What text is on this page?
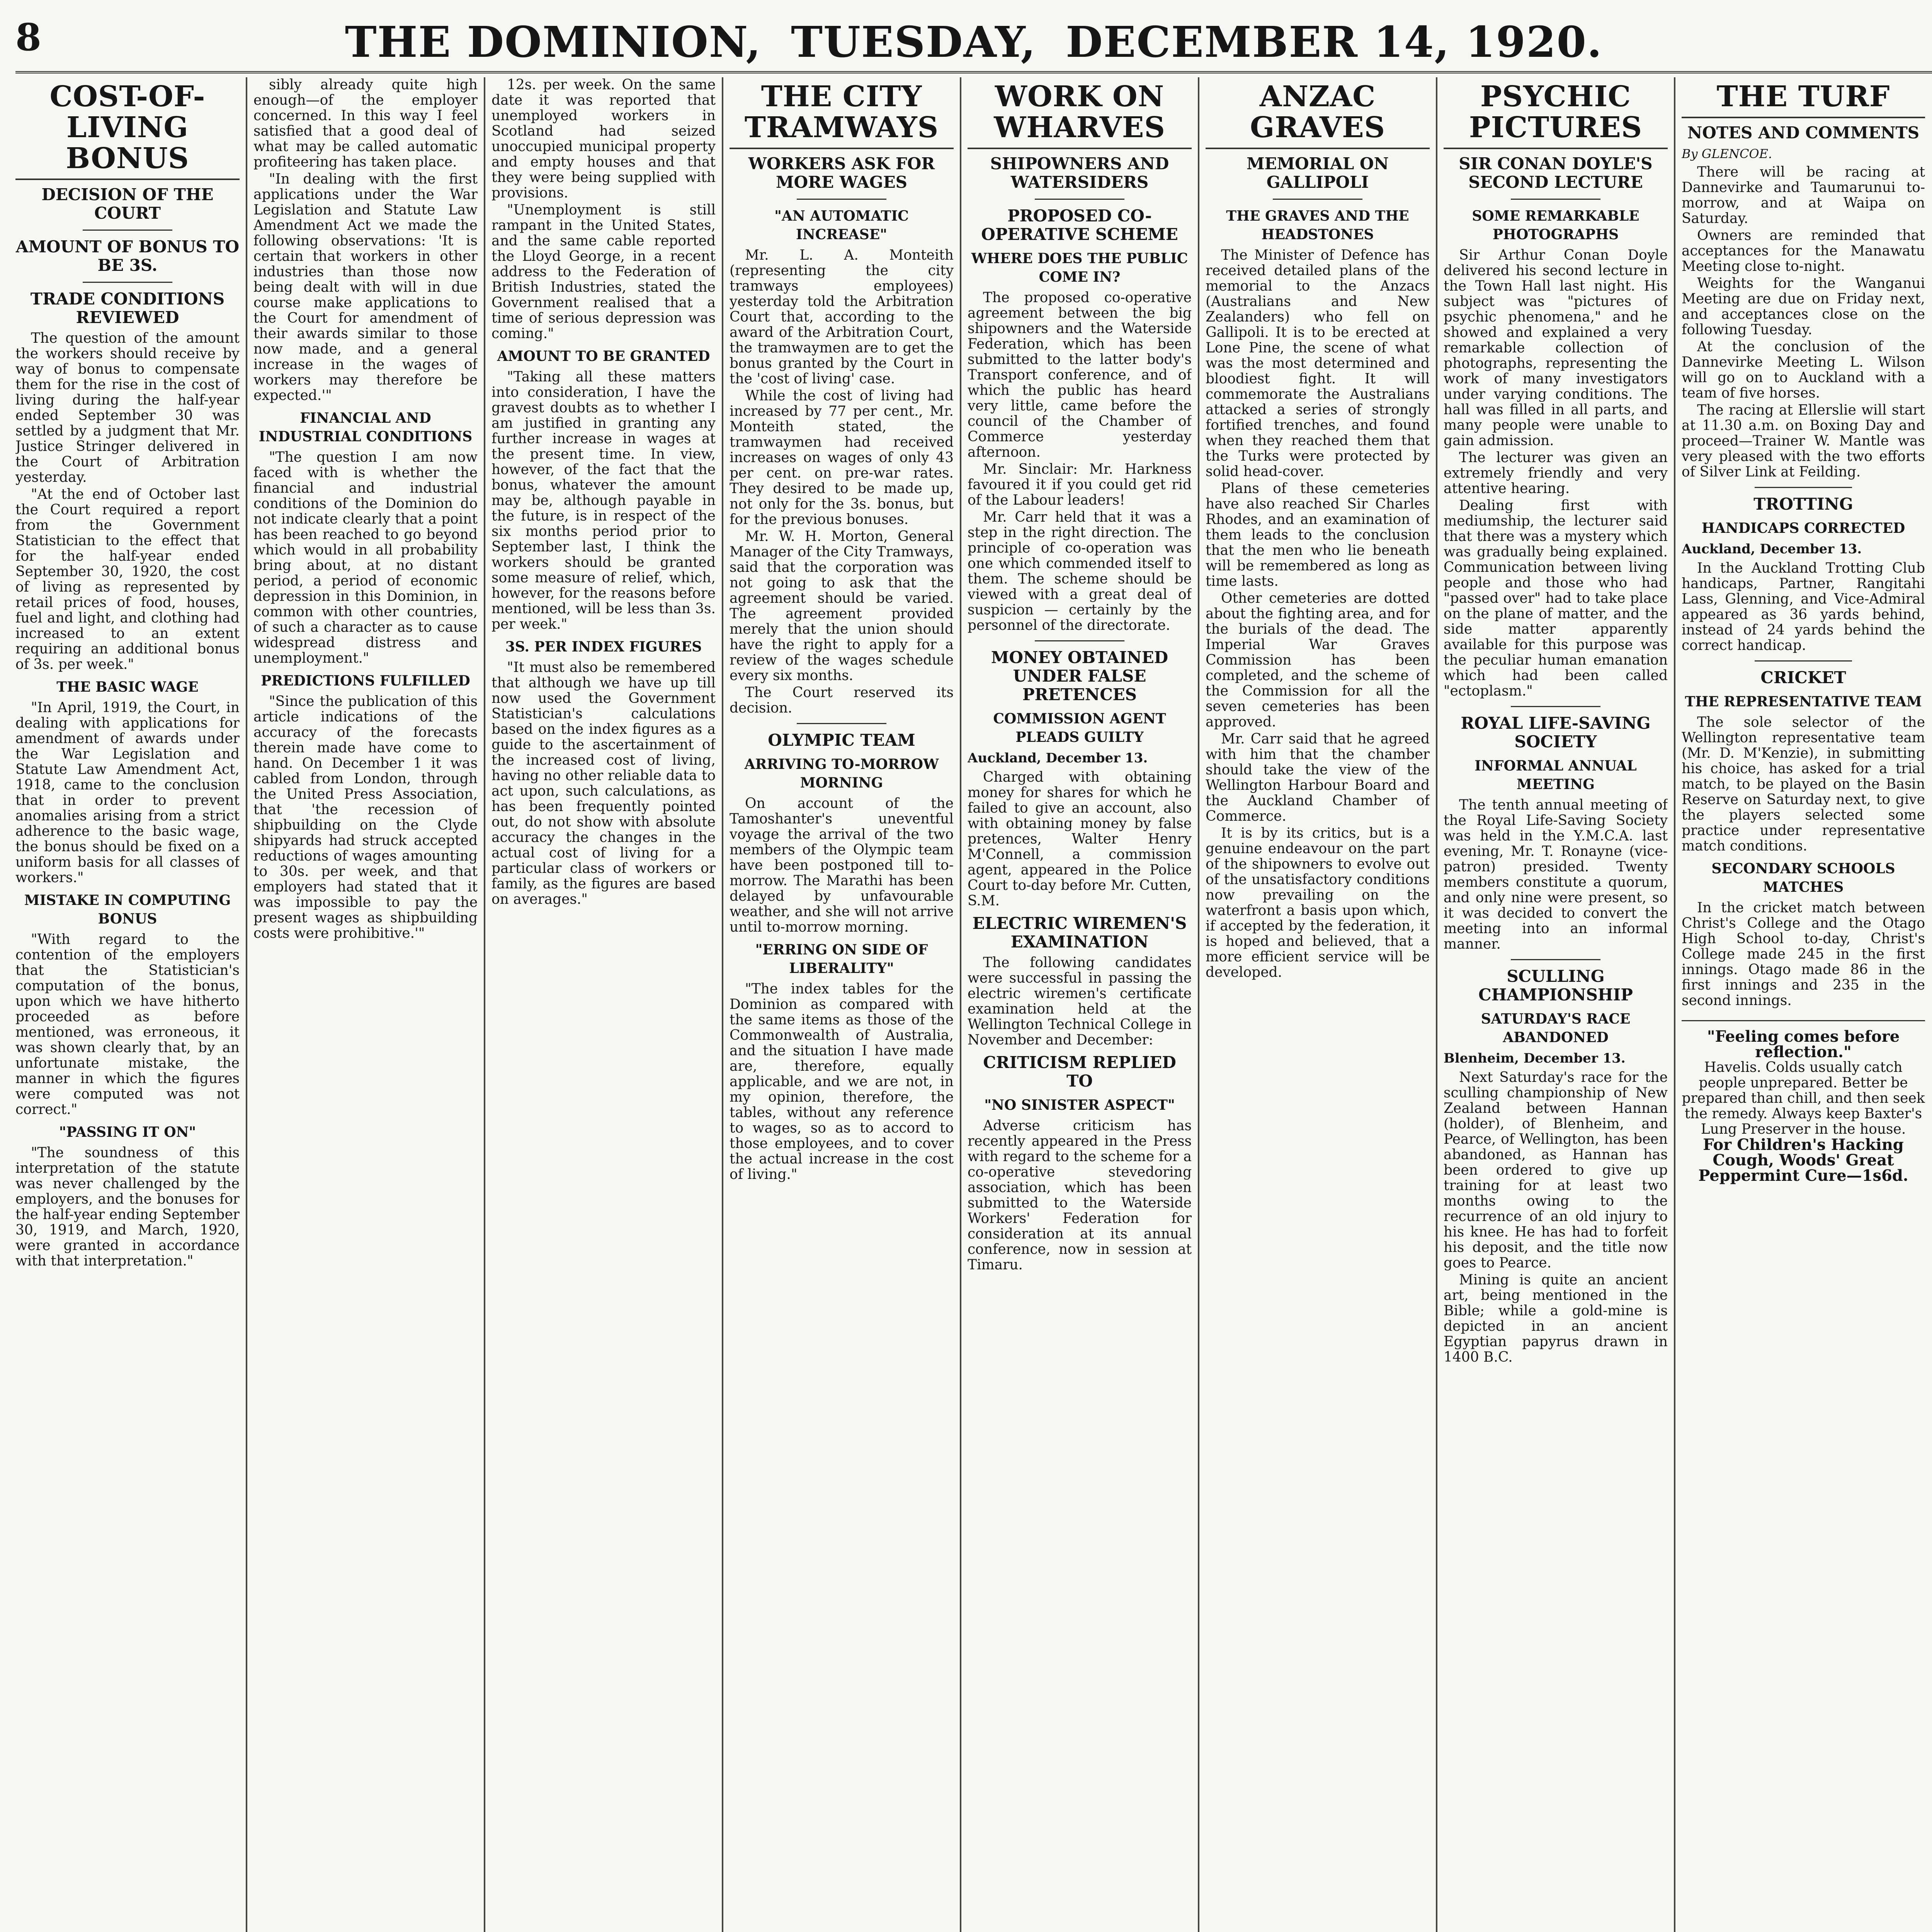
8	THE DOMINION, TUESDAY, DECEMBER 14, 1920.
COST-OF-LIVING BONUS
DECISION OF THE COURT
AMOUNT OF BONUS TO BE 3S.
TRADE CONDITIONS REVIEWED

The question of the amount the workers should receive by way of bonus to compensate them for the rise in the cost of living during the half-year ended September 30 was settled by a judgment that Mr. Justice Stringer delivered in the Court of Arbitration yesterday.

"At the end of October last the Court required a report from the Government Statistician to the effect that for the half-year ended September 30, 1920, the cost of living as represented by retail prices of food, houses, fuel and light, and clothing had increased to an extent requiring an additional bonus of 3s. per week."

THE BASIC WAGE

"In April, 1919, the Court, in dealing with applications for amendment of awards under the War Legislation and Statute Law Amendment Act, 1918, came to the conclusion that in order to prevent anomalies arising from a strict adherence to the basic wage, the bonus should be fixed on a uniform basis for all classes of workers."

MISTAKE IN COMPUTING BONUS

"With regard to the contention of the employers that the Statistician's computation of the bonus, upon which we have hitherto proceeded as before mentioned, was erroneous, it was shown clearly that, by an unfortunate mistake, the manner in which the figures were computed was not correct."

"PASSING IT ON"

"The soundness of this interpretation of the statute was never challenged by the employers, and the bonuses for the half-year ending September 30, 1919, and March, 1920, were granted in accordance with that interpretation."

sibly already quite high enough—of the employer concerned. In this way I feel satisfied that a good deal of what may be called automatic profiteering has taken place.

"In dealing with the first applications under the War Legislation and Statute Law Amendment Act we made the following observations: 'It is certain that workers in other industries than those now being dealt with will in due course make applications to the Court for amendment of their awards similar to those now made, and a general increase in the wages of workers may therefore be expected.'"

FINANCIAL AND INDUSTRIAL CONDITIONS

"The question I am now faced with is whether the financial and industrial conditions of the Dominion do not indicate clearly that a point has been reached to go beyond which would in all probability bring about, at no distant period, a period of economic depression in this Dominion, in common with other countries, of such a character as to cause widespread distress and unemployment."

PREDICTIONS FULFILLED

"Since the publication of this article indications of the accuracy of the forecasts therein made have come to hand. On December 1 it was cabled from London, through the United Press Association, that 'the recession of shipbuilding on the Clyde shipyards had struck accepted reductions of wages amounting to 30s. per week, and that employers had stated that it was impossible to pay the present wages as shipbuilding costs were prohibitive.'"

12s. per week. On the same date it was reported that unemployed workers in Scotland had seized unoccupied municipal property and empty houses and that they were being supplied with provisions.

"Unemployment is still rampant in the United States, and the same cable reported the Lloyd George, in a recent address to the Federation of British Industries, stated the Government realised that a time of serious depression was coming."

AMOUNT TO BE GRANTED

"Taking all these matters into consideration, I have the gravest doubts as to whether I am justified in granting any further increase in wages at the present time. In view, however, of the fact that the bonus, whatever the amount may be, although payable in the future, is in respect of the six months period prior to September last, I think the workers should be granted some measure of relief, which, however, for the reasons before mentioned, will be less than 3s. per week."

3S. PER INDEX FIGURES

"It must also be remembered that although we have up till now used the Government Statistician's calculations based on the index figures as a guide to the ascertainment of the increased cost of living, having no other reliable data to act upon, such calculations, as has been frequently pointed out, do not show with absolute accuracy the changes in the actual cost of living for a particular class of workers or family, as the figures are based on averages."

THE CITY TRAMWAYS
WORKERS ASK FOR MORE WAGES
"AN AUTOMATIC INCREASE"

Mr. L. A. Monteith (representing the city tramways employees) yesterday told the Arbitration Court that, according to the award of the Arbitration Court, the tramwaymen are to get the bonus granted by the Court in the 'cost of living' case.

While the cost of living had increased by 77 per cent., Mr. Monteith stated, the tramwaymen had received increases on wages of only 43 per cent. on pre-war rates. They desired to be made up, not only for the 3s. bonus, but for the previous bonuses.

Mr. W. H. Morton, General Manager of the City Tramways, said that the corporation was not going to ask that the agreement should be varied. The agreement provided merely that the union should have the right to apply for a review of the wages schedule every six months.

The Court reserved its decision.

OLYMPIC TEAM
ARRIVING TO-MORROW MORNING

On account of the Tamoshanter's uneventful voyage the arrival of the two members of the Olympic team have been postponed till to-morrow. The Marathi has been delayed by unfavourable weather, and she will not arrive until to-morrow morning.

"ERRING ON SIDE OF LIBERALITY"

"The index tables for the Dominion as compared with the same items as those of the Commonwealth of Australia, and the situation I have made are, therefore, equally applicable, and we are not, in my opinion, therefore, the tables, without any reference to wages, so as to accord to those employees, and to cover the actual increase in the cost of living."

WORK ON WHARVES
SHIPOWNERS AND WATERSIDERS
PROPOSED CO-OPERATIVE SCHEME
WHERE DOES THE PUBLIC COME IN?

The proposed co-operative agreement between the big shipowners and the Waterside Federation, which has been submitted to the latter body's Transport conference, and of which the public has heard very little, came before the council of the Chamber of Commerce yesterday afternoon.

Mr. Sinclair: Mr. Harkness favoured it if you could get rid of the Labour leaders!

Mr. Carr held that it was a step in the right direction. The principle of co-operation was one which commended itself to them. The scheme should be viewed with a great deal of suspicion — certainly by the personnel of the directorate.

MONEY OBTAINED UNDER FALSE PRETENCES
COMMISSION AGENT PLEADS GUILTY
Auckland, December 13.

Charged with obtaining money for shares for which he failed to give an account, also with obtaining money by false pretences, Walter Henry M'Connell, a commission agent, appeared in the Police Court to-day before Mr. Cutten, S.M.

ELECTRIC WIREMEN'S EXAMINATION

The following candidates were successful in passing the electric wiremen's certificate examination held at the Wellington Technical College in November and December:

CRITICISM REPLIED TO
"NO SINISTER ASPECT"

Adverse criticism has recently appeared in the Press with regard to the scheme for a co-operative stevedoring association, which has been submitted to the Waterside Workers' Federation for consideration at its annual conference, now in session at Timaru.

ANZAC GRAVES
MEMORIAL ON GALLIPOLI
THE GRAVES AND THE HEADSTONES

The Minister of Defence has received detailed plans of the memorial to the Anzacs (Australians and New Zealanders) who fell on Gallipoli. It is to be erected at Lone Pine, the scene of what was the most determined and bloodiest fight. It will commemorate the Australians attacked a series of strongly fortified trenches, and found when they reached them that the Turks were protected by solid head-cover.

Plans of these cemeteries have also reached Sir Charles Rhodes, and an examination of them leads to the conclusion that the men who lie beneath will be remembered as long as time lasts.

Other cemeteries are dotted about the fighting area, and for the burials of the dead. The Imperial War Graves Commission has been completed, and the scheme of the Commission for all the seven cemeteries has been approved.

Mr. Carr said that he agreed with him that the chamber should take the view of the Wellington Harbour Board and the Auckland Chamber of Commerce.

It is by its critics, but is a genuine endeavour on the part of the shipowners to evolve out of the unsatisfactory conditions now prevailing on the waterfront a basis upon which, if accepted by the federation, it is hoped and believed, that a more efficient service will be developed.

PSYCHIC PICTURES
SIR CONAN DOYLE'S SECOND LECTURE
SOME REMARKABLE PHOTOGRAPHS

Sir Arthur Conan Doyle delivered his second lecture in the Town Hall last night. His subject was "pictures of psychic phenomena," and he showed and explained a very remarkable collection of photographs, representing the work of many investigators under varying conditions. The hall was filled in all parts, and many people were unable to gain admission.

The lecturer was given an extremely friendly and very attentive hearing.

Dealing first with mediumship, the lecturer said that there was a mystery which was gradually being explained. Communication between living people and those who had "passed over" had to take place on the plane of matter, and the side matter apparently available for this purpose was the peculiar human emanation which had been called "ectoplasm."

ROYAL LIFE-SAVING SOCIETY
INFORMAL ANNUAL MEETING

The tenth annual meeting of the Royal Life-Saving Society was held in the Y.M.C.A. last evening, Mr. T. Ronayne (vice-patron) presided. Twenty members constitute a quorum, and only nine were present, so it was decided to convert the meeting into an informal manner.

SCULLING CHAMPIONSHIP
SATURDAY'S RACE ABANDONED
Blenheim, December 13.

Next Saturday's race for the sculling championship of New Zealand between Hannan (holder), of Blenheim, and Pearce, of Wellington, has been abandoned, as Hannan has been ordered to give up training for at least two months owing to the recurrence of an old injury to his knee. He has had to forfeit his deposit, and the title now goes to Pearce.

Mining is quite an ancient art, being mentioned in the Bible; while a gold-mine is depicted in an ancient Egyptian papyrus drawn in 1400 B.C.

THE TURF
NOTES AND COMMENTS
By GLENCOE.

There will be racing at Dannevirke and Taumarunui to-morrow, and at Waipa on Saturday.

Owners are reminded that acceptances for the Manawatu Meeting close to-night.

Weights for the Wanganui Meeting are due on Friday next, and acceptances close on the following Tuesday.

At the conclusion of the Dannevirke Meeting L. Wilson will go on to Auckland with a team of five horses.

The racing at Ellerslie will start at 11.30 a.m. on Boxing Day and proceed—Trainer W. Mantle was very pleased with the two efforts of Silver Link at Feilding.

TROTTING
HANDICAPS CORRECTED
Auckland, December 13.

In the Auckland Trotting Club handicaps, Partner, Rangitahi Lass, Glenning, and Vice-Admiral appeared as 36 yards behind, instead of 24 yards behind the correct handicap.

CRICKET
THE REPRESENTATIVE TEAM

The sole selector of the Wellington representative team (Mr. D. M'Kenzie), in submitting his choice, has asked for a trial match, to be played on the Basin Reserve on Saturday next, to give the players selected some practice under representative match conditions.

SECONDARY SCHOOLS MATCHES

In the cricket match between Christ's College and the Otago High School to-day, Christ's College made 245 in the first innings. Otago made 86 in the first innings and 235 in the second innings.

"Feeling comes before reflection."

Havelis. Colds usually catch people unprepared. Better be prepared than chill, and then seek the remedy. Always keep Baxter's Lung Preserver in the house.

For Children's Hacking Cough, Woods' Great Peppermint Cure—1s6d.
